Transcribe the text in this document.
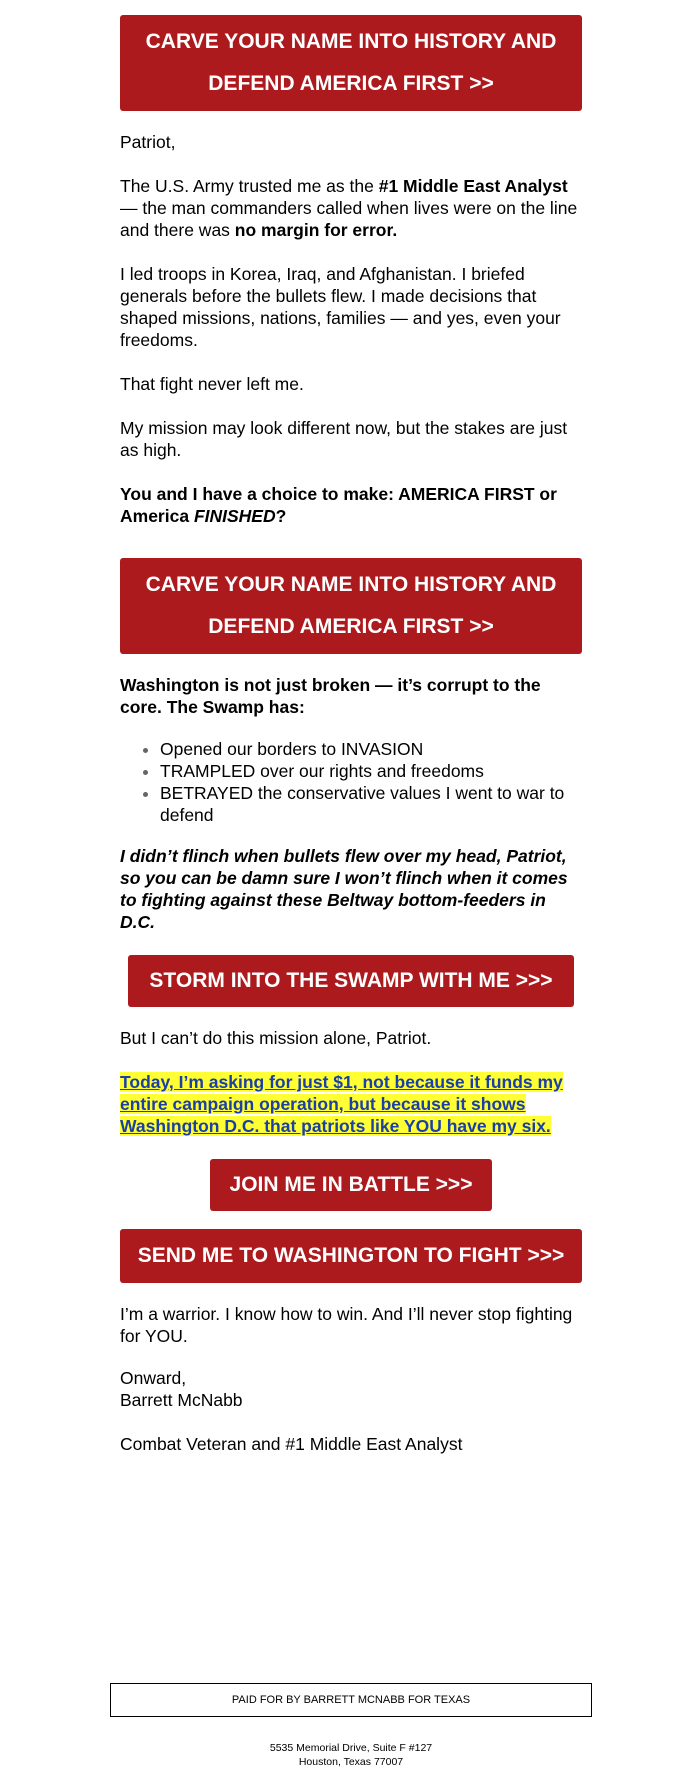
CARVE YOUR NAME INTO HISTORY AND DEFEND AMERICA FIRST >>

Patriot,

The U.S. Army trusted me as the #1 Middle East Analyst — the man commanders called when lives were on the line and there was no margin for error.

I led troops in Korea, Iraq, and Afghanistan. I briefed generals before the bullets flew. I made decisions that shaped missions, nations, families — and yes, even your freedoms.

That fight never left me.

My mission may look different now, but the stakes are just as high.

You and I have a choice to make: AMERICA FIRST or America FINISHED?

CARVE YOUR NAME INTO HISTORY AND DEFEND AMERICA FIRST >>

Washington is not just broken — it’s corrupt to the core. The Swamp has:

• Opened our borders to INVASION
• TRAMPLED over our rights and freedoms
• BETRAYED the conservative values I went to war to defend

I didn’t flinch when bullets flew over my head, Patriot, so you can be damn sure I won’t flinch when it comes to fighting against these Beltway bottom-feeders in D.C.

STORM INTO THE SWAMP WITH ME >>>

But I can’t do this mission alone, Patriot.

Today, I’m asking for just $1, not because it funds my entire campaign operation, but because it shows Washington D.C. that patriots like YOU have my six.

JOIN ME IN BATTLE >>>
SEND ME TO WASHINGTON TO FIGHT >>>

I’m a warrior. I know how to win. And I’ll never stop fighting for YOU.

Onward,

Barrett McNabb

Combat Veteran and #1 Middle East Analyst

PAID FOR BY BARRETT MCNABB FOR TEXAS
5535 Memorial Drive, Suite F #127
Houston, Texas 77007
